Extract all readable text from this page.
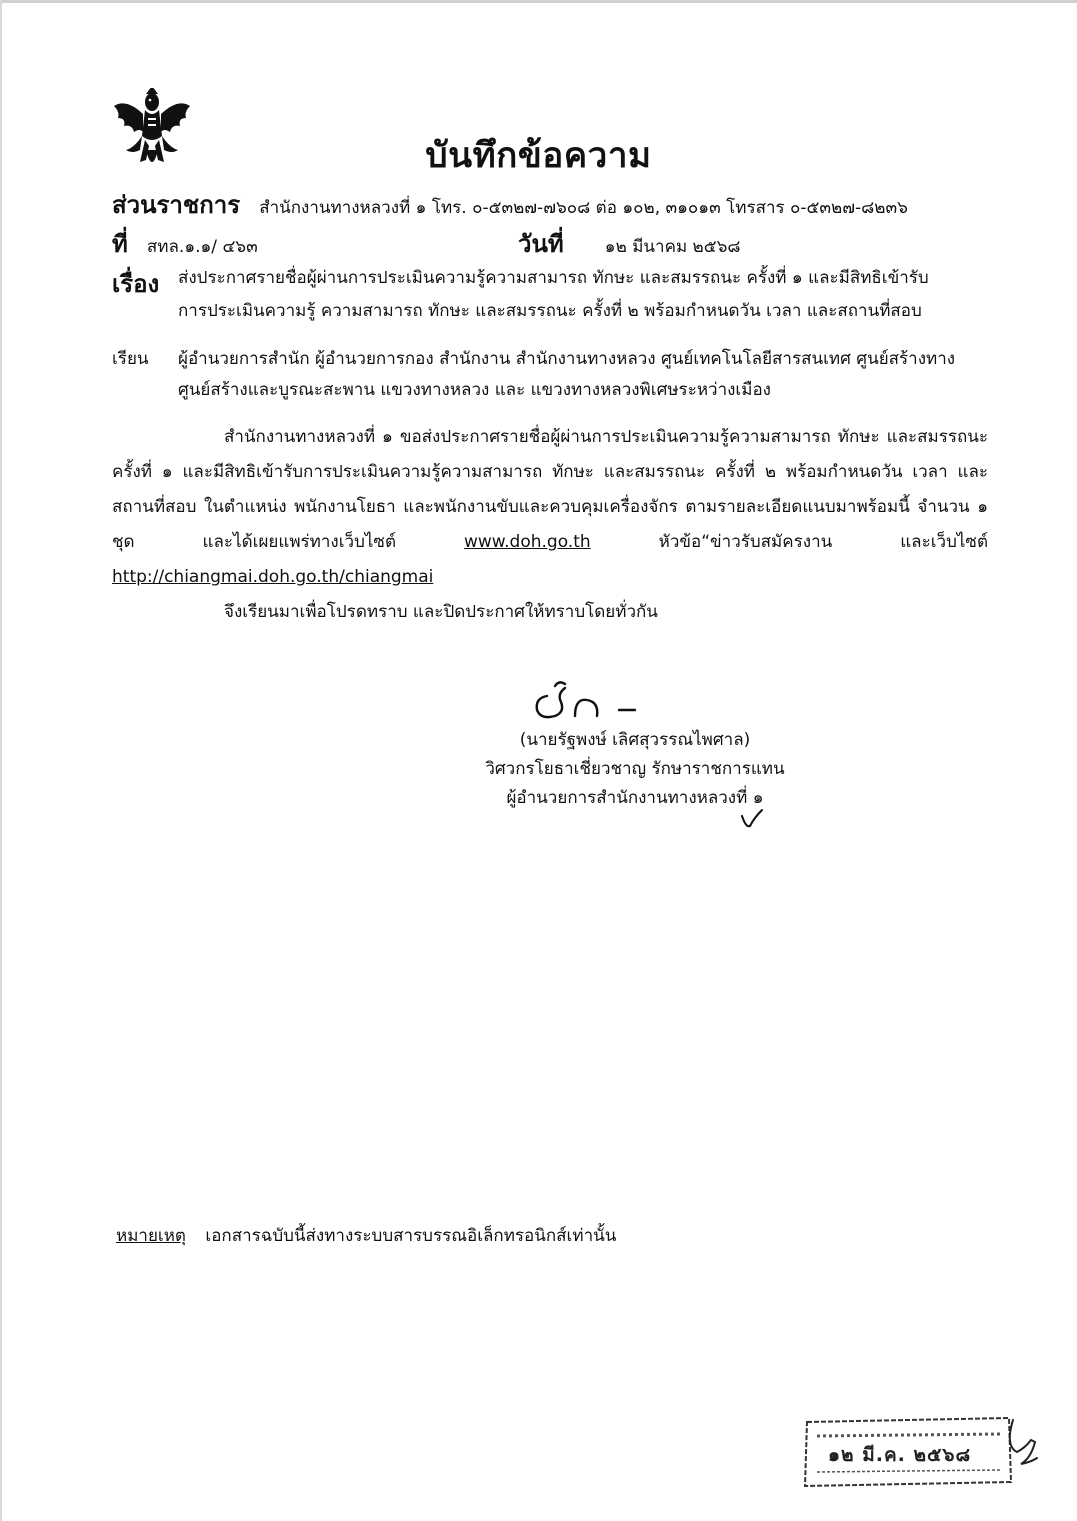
บันทึกข้อความ
ส่วนราชการ สำนักงานทางหลวงที่ ๑ โทร. ๐-๕๓๒๗-๗๖๐๘ ต่อ ๑๐๒, ๓๑๐๑๓ โทรสาร ๐-๕๓๒๗-๘๒๓๖
ที่ สทล.๑.๑/ ๔๖๓	วันที่ ๑๒ มีนาคม ๒๕๖๘
เรื่อง ส่งประกาศรายชื่อผู้ผ่านการประเมินความรู้ความสามารถ ทักษะ และสมรรถนะ ครั้งที่ ๑ และมีสิทธิเข้ารับ
การประเมินความรู้ ความสามารถ ทักษะ และสมรรถนะ ครั้งที่ ๒ พร้อมกำหนดวัน เวลา และสถานที่สอบ
เรียน ผู้อำนวยการสำนัก ผู้อำนวยการกอง สำนักงาน สำนักงานทางหลวง ศูนย์เทคโนโลยีสารสนเทศ ศูนย์สร้างทาง
ศูนย์สร้างและบูรณะสะพาน แขวงทางหลวง และ แขวงทางหลวงพิเศษระหว่างเมือง
สำนักงานทางหลวงที่ ๑ ขอส่งประกาศรายชื่อผู้ผ่านการประเมินความรู้ความสามารถ ทักษะ และสมรรถนะ ครั้งที่ ๑ และมีสิทธิเข้ารับการประเมินความรู้ความสามารถ ทักษะ และสมรรถนะ ครั้งที่ ๒ พร้อมกำหนดวัน เวลา และสถานที่สอบ ในตำแหน่ง พนักงานโยธา และพนักงานขับและควบคุมเครื่องจักร ตามรายละเอียดแนบมาพร้อมนี้ จำนวน ๑ ชุด และได้เผยแพร่ทางเว็บไซต์ www.doh.go.th หัวข้อ“ข่าวรับสมัครงาน และเว็บไซต์ http://chiangmai.doh.go.th/chiangmai
จึงเรียนมาเพื่อโปรดทราบ และปิดประกาศให้ทราบโดยทั่วกัน
(นายรัฐพงษ์ เลิศสุวรรณไพศาล)
วิศวกรโยธาเชี่ยวชาญ รักษาราชการแทน
ผู้อำนวยการสำนักงานทางหลวงที่ ๑
หมายเหตุ เอกสารฉบับนี้ส่งทางระบบสารบรรณอิเล็กทรอนิกส์เท่านั้น
๑๒ มี.ค. ๒๕๖๘
